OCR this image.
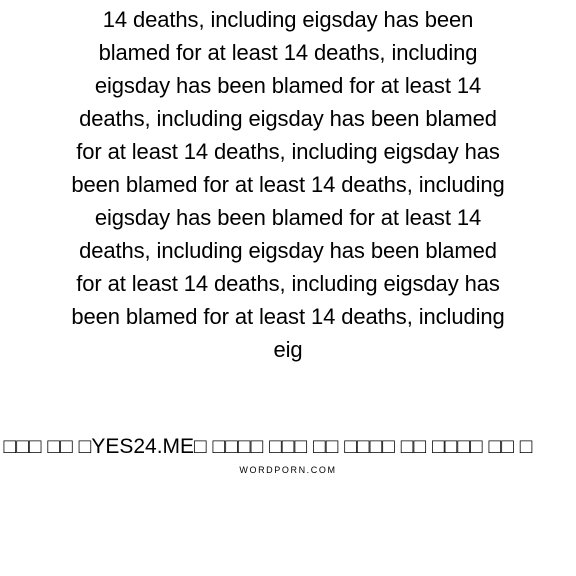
14 deaths, including eigsday has been
blamed for at least 14 deaths, including
eigsday has been blamed for at least 14
deaths, including eigsday has been blamed
for at least 14 deaths, including eigsday has
been blamed for at least 14 deaths, including
eigsday has been blamed for at least 14
deaths, including eigsday has been blamed
for at least 14 deaths, including eigsday has
been blamed for at least 14 deaths, including
eig
□□□ □□ □YES24.ME□ □□□□ □□□ □□ □□□□ □□ □□□□ □□ □
WORDPORN.COM
